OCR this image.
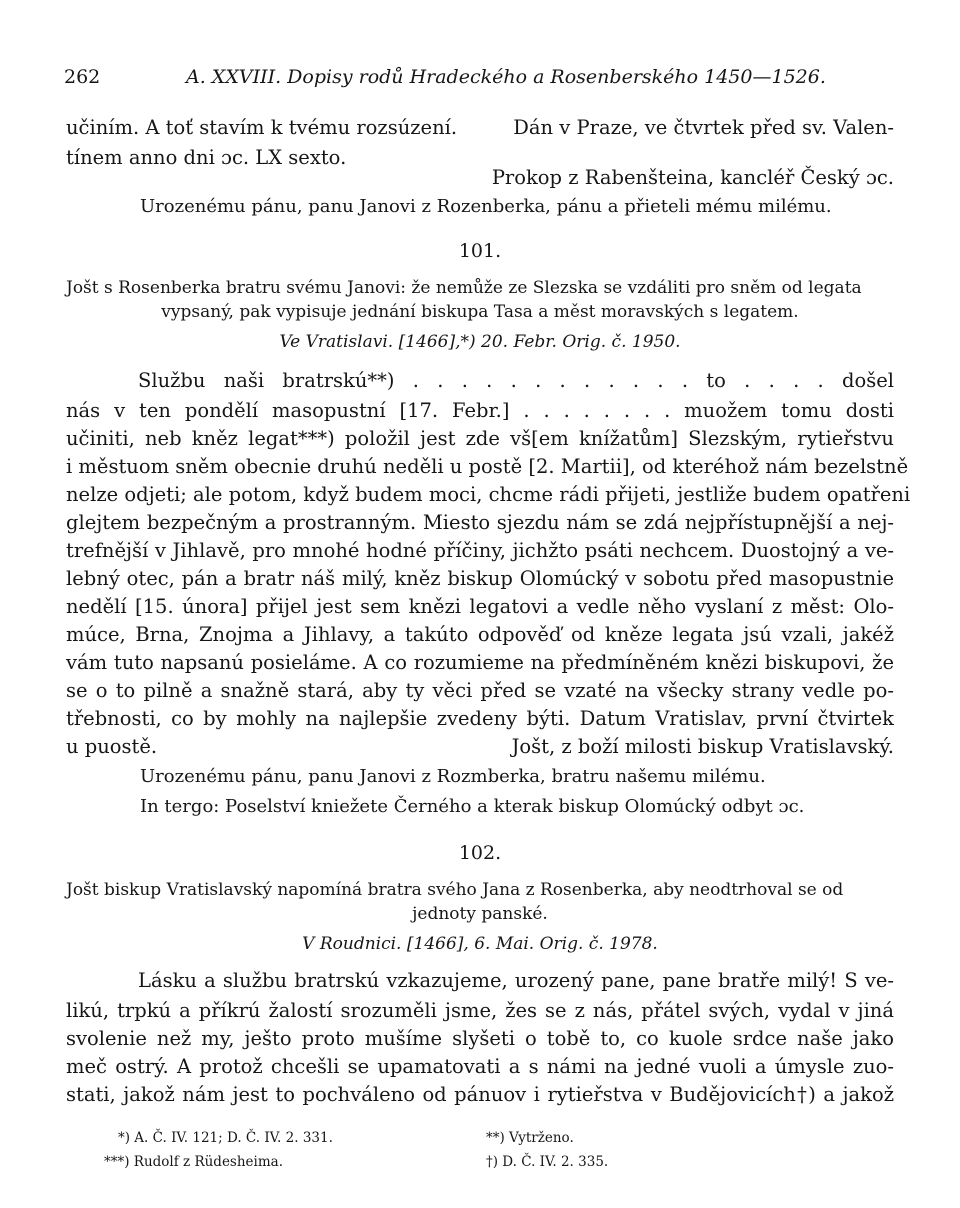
262	A. XXVIII. Dopisy rodů Hradeckého a Rosenberského 1450—1526.
učiním. A toť stavím k tvému rozsúzení.	Dán v Praze, ve čtvrtek před sv. Valen-
tínem anno dni ɔc. LX sexto.
Prokop z Rabenšteina, kancléř Český ɔc.
Urozenému pánu, panu Janovi z Rozenberka, pánu a přieteli mému milému.
101.
Jošt s Rosenberka bratru svému Janovi: že nemůže ze Slezska se vzdáliti pro sněm od legata
vypsaný, pak vypisuje jednání biskupa Tasa a měst moravských s legatem.
Ve Vratislavi. [1466],*) 20. Febr. Orig. č. 1950.
Službu naši bratrskú**) . . . . . . . . . . . . to . . . . došel
nás v ten pondělí masopustní [17. Febr.] . . . . . . . . muožem tomu dosti
učiniti, neb kněz legat***) položil jest zde vš[em knížatům] Slezským, rytieřstvu
i městuom sněm obecnie druhú neděli u postě [2. Martii], od kteréhož nám bezelstně
nelze odjeti; ale potom, když budem moci, chcme rádi přijeti, jestliže budem opatřeni
glejtem bezpečným a prostranným. Miesto sjezdu nám se zdá nejpřístupnější a nej-
trefnější v Jihlavě, pro mnohé hodné příčiny, jichžto psáti nechcem. Duostojný a ve-
lebný otec, pán a bratr náš milý, kněz biskup Olomúcký v sobotu před masopustnie
nedělí [15. února] přijel jest sem knězi legatovi a vedle něho vyslaní z měst: Olo-
múce, Brna, Znojma a Jihlavy, a takúto odpověď od kněze legata jsú vzali, jakéž
vám tuto napsanú posieláme. A co rozumieme na předmíněném knězi biskupovi, že
se o to pilně a snažně stará, aby ty věci před se vzaté na všecky strany vedle po-
třebnosti, co by mohly na najlepšie zvedeny býti. Datum Vratislav, první čtvirtek
u puostě.	Jošt, z boží milosti biskup Vratislavský.
Urozenému pánu, panu Janovi z Rozmberka, bratru našemu milému.
In tergo: Poselství kniežete Černého a kterak biskup Olomúcký odbyt ɔc.
102.
Jošt biskup Vratislavský napomíná bratra svého Jana z Rosenberka, aby neodtrhoval se od
jednoty panské.
V Roudnici. [1466], 6. Mai. Orig. č. 1978.
Lásku a službu bratrskú vzkazujeme, urozený pane, pane bratře milý! S ve-
likú, trpkú a příkrú žalostí srozuměli jsme, žes se z nás, přátel svých, vydal v jiná
svolenie než my, ješto proto mušíme slyšeti o tobě to, co kuole srdce naše jako
meč ostrý. A protož chcešli se upamatovati a s námi na jedné vuoli a úmysle zuo-
stati, jakož nám jest to pochváleno od pánuov i rytieřstva v Budějovicích†) a jakož
*) A. Č. IV. 121; D. Č. IV. 2. 331.	**) Vytrženo.
***) Rudolf z Rüdesheima.	†) D. Č. IV. 2. 335.
